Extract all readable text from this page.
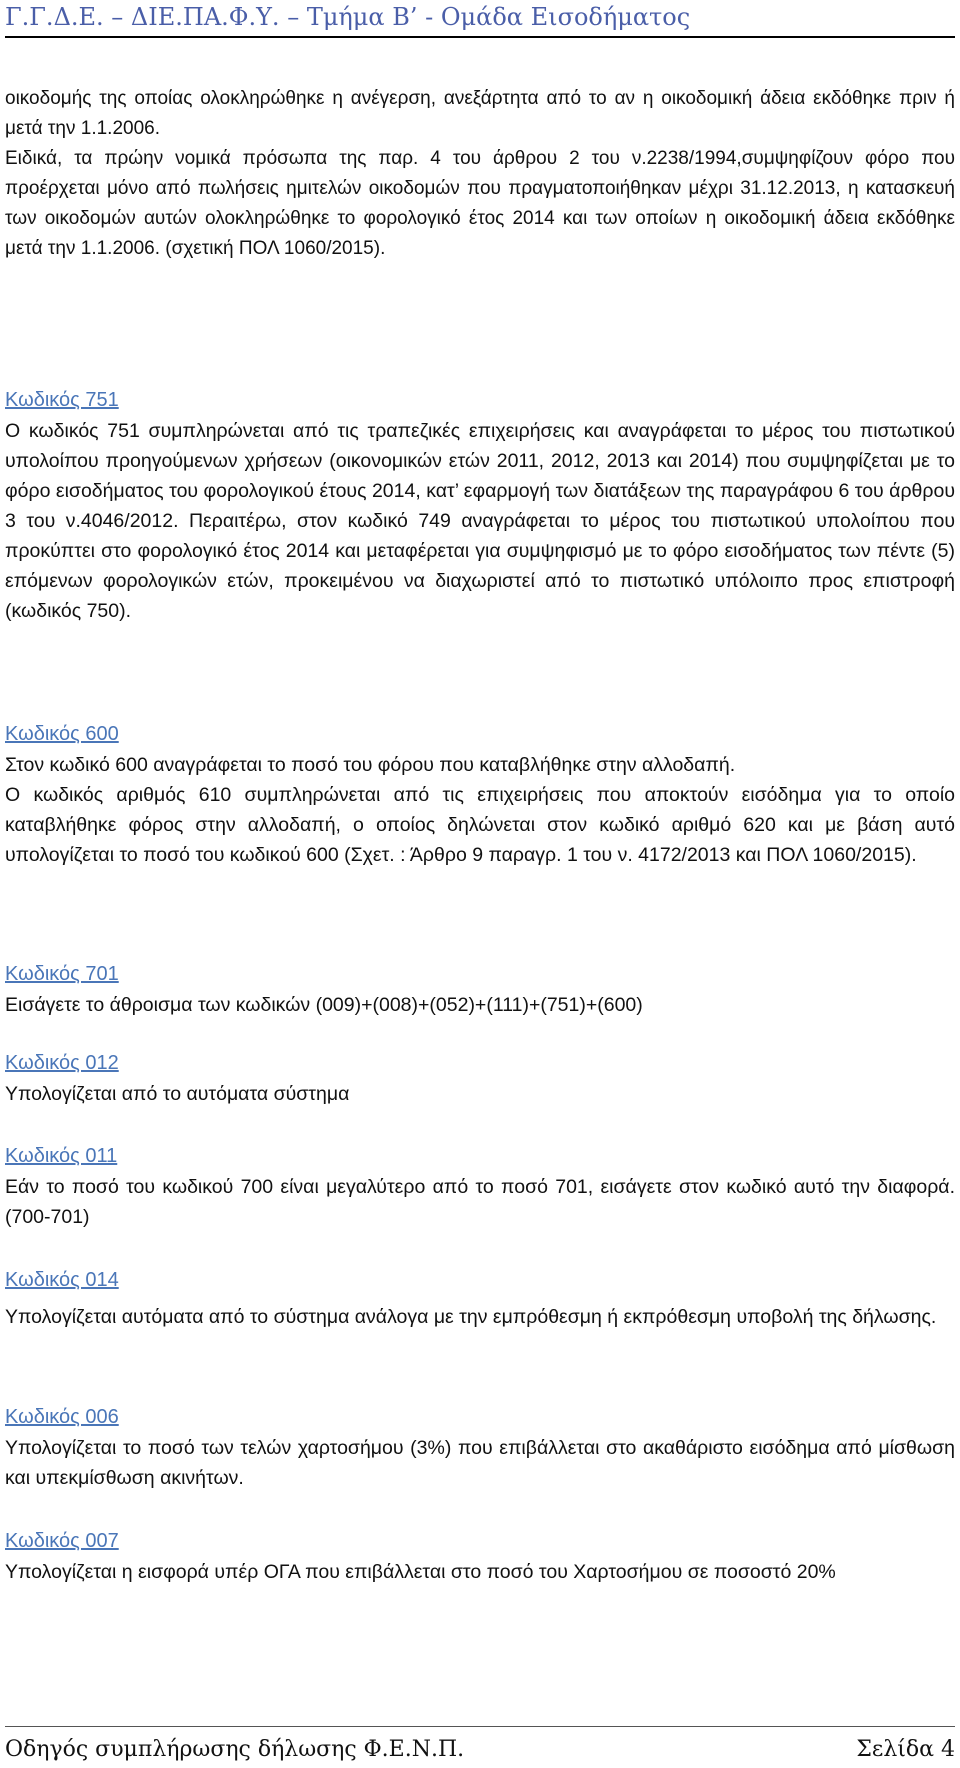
Γ.Γ.Δ.Ε. – ΔΙΕ.ΠΑ.Φ.Υ. – Τμήμα Β’ - Ομάδα Εισοδήματος

οικοδομής της οποίας ολοκληρώθηκε η ανέγερση, ανεξάρτητα από το αν η οικοδομική άδεια εκδόθηκε πριν ή μετά την 1.1.2006.

Ειδικά, τα πρώην νομικά πρόσωπα της παρ. 4 του άρθρου 2 του ν.2238/1994,συμψηφίζουν φόρο που προέρχεται μόνο από πωλήσεις ημιτελών οικοδομών που πραγματοποιήθηκαν μέχρι 31.12.2013, η κατασκευή των οικοδομών αυτών ολοκληρώθηκε το φορολογικό έτος 2014 και των οποίων η οικοδομική άδεια εκδόθηκε μετά την 1.1.2006. (σχετική ΠΟΛ 1060/2015).

Κωδικός 751

Ο κωδικός 751 συμπληρώνεται από τις τραπεζικές επιχειρήσεις και αναγράφεται το μέρος του πιστωτικού υπολοίπου προηγούμενων χρήσεων (οικονομικών ετών 2011, 2012, 2013 και 2014) που συμψηφίζεται με το φόρο εισοδήματος του φορολογικού έτους 2014, κατ’ εφαρμογή των διατάξεων της παραγράφου 6 του άρθρου 3 του ν.4046/2012. Περαιτέρω, στον κωδικό 749 αναγράφεται το μέρος του πιστωτικού υπολοίπου που προκύπτει στο φορολογικό έτος 2014 και μεταφέρεται για συμψηφισμό με το φόρο εισοδήματος των πέντε (5) επόμενων φορολογικών ετών, προκειμένου να διαχωριστεί από το πιστωτικό υπόλοιπο προς επιστροφή (κωδικός 750).

Κωδικός 600

Στον κωδικό 600 αναγράφεται το ποσό του φόρου που καταβλήθηκε στην αλλοδαπή.

Ο κωδικός αριθμός 610 συμπληρώνεται από τις επιχειρήσεις που αποκτούν εισόδημα για το οποίο καταβλήθηκε φόρος στην αλλοδαπή, ο οποίος δηλώνεται στον κωδικό αριθμό 620 και με βάση αυτό υπολογίζεται το ποσό του κωδικού 600 (Σχετ. : Άρθρο 9 παραγρ. 1 του ν. 4172/2013 και ΠΟΛ 1060/2015).

Κωδικός 701

Εισάγετε το άθροισμα των κωδικών (009)+(008)+(052)+(111)+(751)+(600)

Κωδικός 012

Υπολογίζεται από το αυτόματα σύστημα

Κωδικός 011

Εάν το ποσό του κωδικού 700 είναι μεγαλύτερο από το ποσό 701, εισάγετε στον κωδικό αυτό την διαφορά. (700-701)

Κωδικός 014

Υπολογίζεται αυτόματα από το σύστημα ανάλογα με την εμπρόθεσμη ή εκπρόθεσμη υποβολή της δήλωσης.

Κωδικός 006

Υπολογίζεται το ποσό των τελών χαρτοσήμου (3%) που επιβάλλεται στο ακαθάριστο εισόδημα από μίσθωση και υπεκμίσθωση ακινήτων.

Κωδικός 007

Υπολογίζεται η εισφορά υπέρ ΟΓΑ που επιβάλλεται στο ποσό του Χαρτοσήμου σε ποσοστό 20%

Οδηγός συμπλήρωσης δήλωσης Φ.Ε.Ν.Π.	Σελίδα 4
